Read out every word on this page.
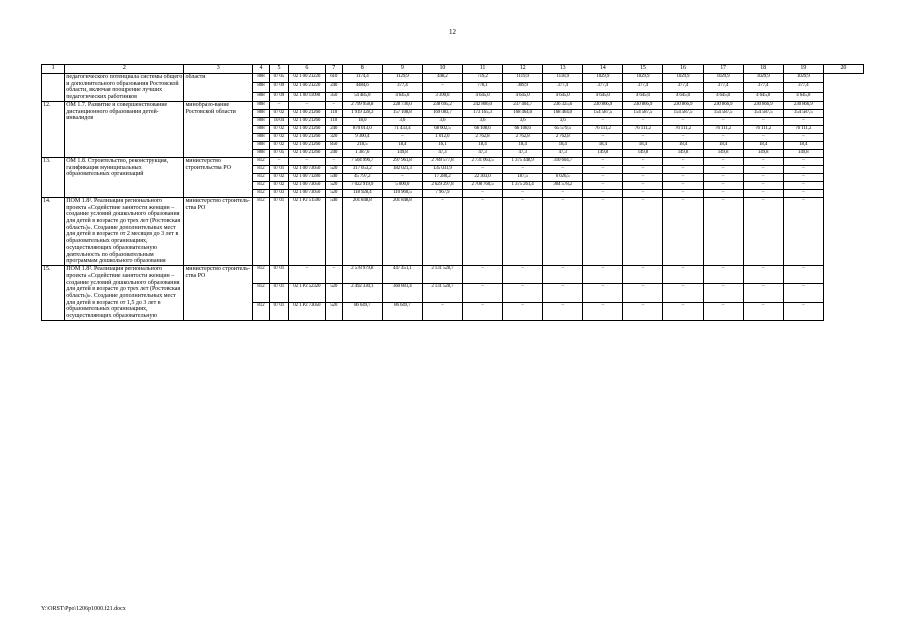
12
1	2	3	4	5	6	7	8	9	10	11	12	13	14	15	16	17	18	19	20
	педагогического потенциала системы общего и дополнительного образования Ростовской области, включая поощрение лучших педагогических работников	области	808	07 05	02 1 00 21220	610	1174,4	1129,9	448,2	719,2	1119,9	1118,9	1029,9	1029,9	1029,9	1029,9	1029,9	1029,9	
			808	07 09	02 1 00 21220	240	4484,6	377,4	–	778,1	309,9	377,4	377,4	377,4	377,4	377,4	377,4	377,4	
			808	07 09	02 1 00 11090	350	54 485,0	4 645,0	3 390,0	4 645,0	4 645,0	4 645,0	4 645,0	4 645,0	4 645,0	4 645,0	4 645,0	4 645,0	
12.	ОМ 1.7. Развитие и совершенствование дистанционного образования детей-инвалидов	минобразо-вание Ростовской области	808	–	–	–	2 799 958,8	228 736,0	238 695,2	242 806,0	237 404,7	236 325,6	230 866,9	230 866,9	230 866,9	230 866,9	230 866,9	230 866,9	
			808	07 02	02 1 00 21260	110	1 919 328,3	157 108,8	169 083,7	173 165,3	168 464,0	168 464,0	154 587,5	154 587,5	154 587,5	154 587,5	154 587,5	154 587,5	
			808	10 04	02 1 00 21260	110	18,0	3,6	3,6	3,6	3,6	3,6	–	–	–	–	–	–	
			808	07 02	02 1 00 21260	240	870 013,0	71 433,4	68 002,5	66 108,6	66 108,6	65 579,5	76 111,2	76 111,2	76 111,2	76 111,2	76 111,2	76 111,2	
			808	07 02	02 1 00 21260	320	9 300,4	–	1 012,0	2 762,8	2 762,8	2 762,8	–	–	–	–	–	–	
			808	07 02	02 1 00 21260	850	218,5	18,4	16,1	18,4	18,4	18,4	18,4	18,4	18,4	18,4	18,4	18,4	
			808	07 05	02 1 00 21260	240	1 387,6	149,8	47,3	47,3	47,3	47,3	149,8	149,8	149,8	149,8	149,8	149,8	
13.	ОМ 1.8. Строительство, реконструкция, газификация муниципальных образовательных организаций	министерство строительства РО	812	–	–	–	7 504 996,7	297 961,8	2 789 577,8	2 731 063,5	1 375 448,9	310 604,7	–	–	–	–	–	–	
			812	07 01	02 1 00 73050	520	317 053,2	182 021,3	135 031,9	–	–	–	–	–	–	–	–	–	
			812	07 02	02 1 00 71280	540	45 797,2	–	17 280,2	22 303,0	187,5	6 026,5	–	–	–	–	–	–	
			812	07 02	02 1 00 73050	520	7 022 919,9	5 000,0	2 629 297,8	2 708 760,5	1 375 261,4	304 578,2	–	–	–	–	–	–	
			812	07 03	02 1 00 73050	520	118 928,4	110 960,5	7 967,9	–	–	–	–	–	–	–	–	–	
14.	ПОМ 1.8¹. Реализация регионального проекта «Содействие занятости женщин – создание условий дошкольного образования для детей в возрасте до трех лет (Ростовская область)». Создание дополнительных мест для детей в возрасте от 2 месяцев до 3 лет в образовательных организациях, осуществляющих образовательную деятельность по образовательным программам дошкольного образования	министерство строитель-ства РО	812	07 01	02 1 P2 51590	540	201 848,8	201 848,8	–	–	–	–	–	–	–	–	–	–	
15.	ПОМ 1.8². Реализация регионального проекта «Содействие занятости женщин – создание условий дошкольного образования для детей в возрасте до трех лет (Ростовская область)». Создание дополнительных мест для детей в возрасте от 1,5 до 3 лет в образовательных организациях, осуществляющих образовательную	министерство строитель-ства РО	812	07 01	–	–	2 578 979,8	447 451,1	2 131 528,7	–	–	–	–	–	–	–	–	–	
			812	07 01	02 1 P2 52320	520	2 492 330,1	360 801,4	2 131 528,7	–	–	–	–	–	–	–	–	–	
			812	07 01	02 1 P2 73050	520	86 649,7	86 649,7	–	–	–	–	–	–	–	–	–	–	
Y:\ORST\Ppo\1206p1000.f21.docx
